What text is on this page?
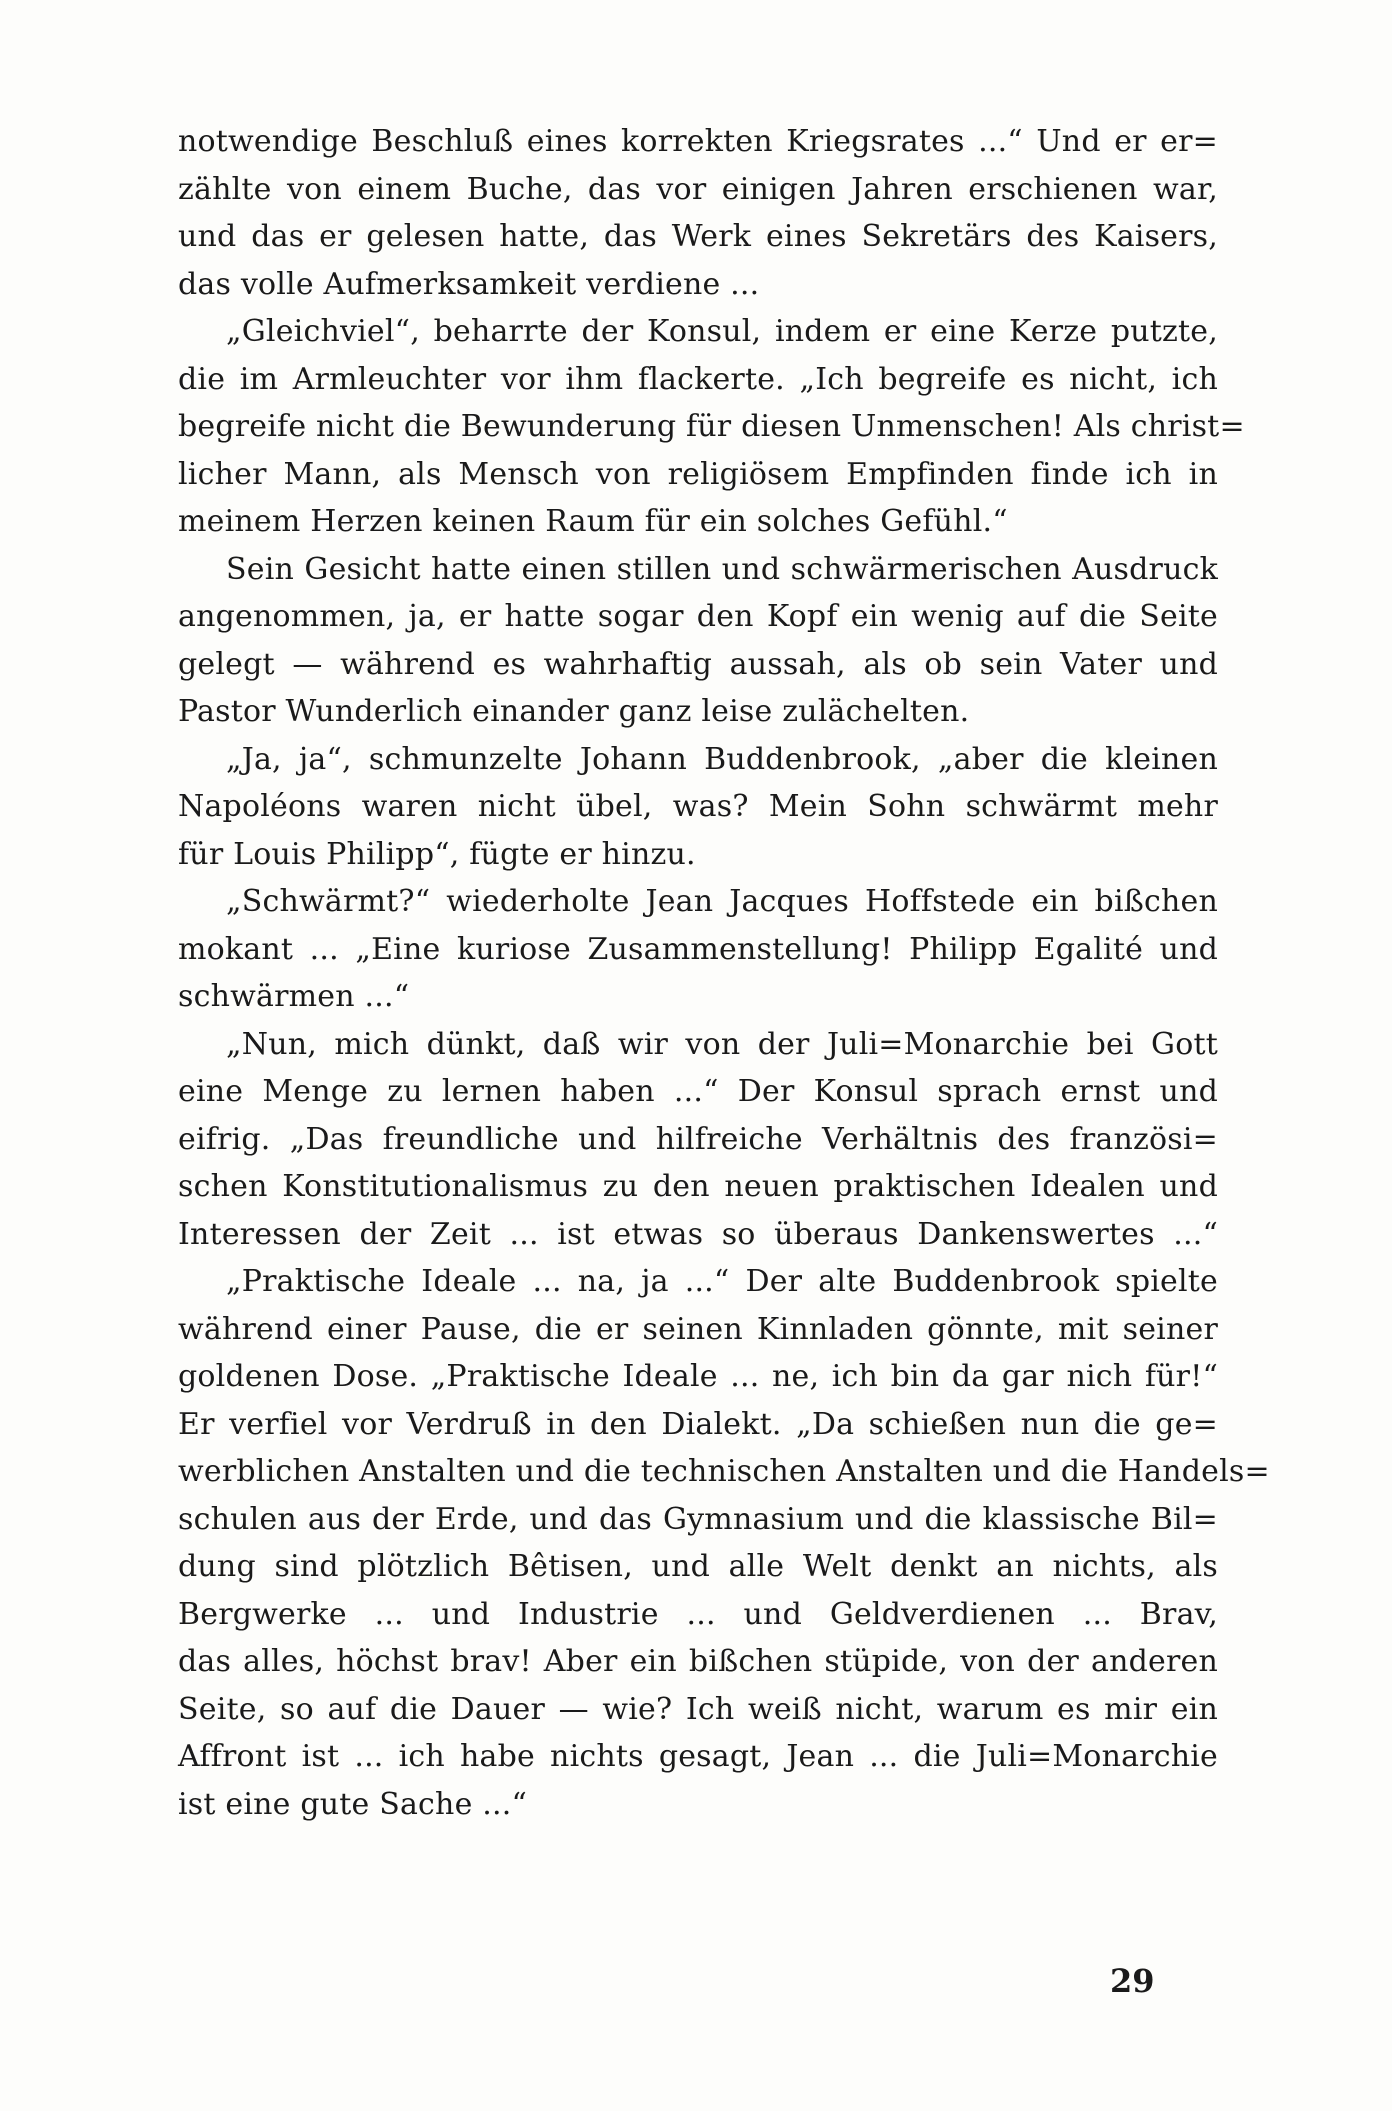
notwendige Beschluß eines korrekten Kriegsrates ...“ Und er er=
zählte von einem Buche, das vor einigen Jahren erschienen war,
und das er gelesen hatte, das Werk eines Sekretärs des Kaisers,
das volle Aufmerksamkeit verdiene ...
„Gleichviel“, beharrte der Konsul, indem er eine Kerze putzte,
die im Armleuchter vor ihm flackerte. „Ich begreife es nicht, ich
begreife nicht die Bewunderung für diesen Unmenschen! Als christ=
licher Mann, als Mensch von religiösem Empfinden finde ich in
meinem Herzen keinen Raum für ein solches Gefühl.“
Sein Gesicht hatte einen stillen und schwärmerischen Ausdruck
angenommen, ja, er hatte sogar den Kopf ein wenig auf die Seite
gelegt — während es wahrhaftig aussah, als ob sein Vater und
Pastor Wunderlich einander ganz leise zulächelten.
„Ja, ja“, schmunzelte Johann Buddenbrook, „aber die kleinen
Napoléons waren nicht übel, was? Mein Sohn schwärmt mehr
für Louis Philipp“, fügte er hinzu.
„Schwärmt?“ wiederholte Jean Jacques Hoffstede ein bißchen
mokant ... „Eine kuriose Zusammenstellung! Philipp Egalité und
schwärmen ...“
„Nun, mich dünkt, daß wir von der Juli=Monarchie bei Gott
eine Menge zu lernen haben ...“ Der Konsul sprach ernst und
eifrig. „Das freundliche und hilfreiche Verhältnis des französi=
schen Konstitutionalismus zu den neuen praktischen Idealen und
Interessen der Zeit ... ist etwas so überaus Dankenswertes ...“
„Praktische Ideale ... na, ja ...“ Der alte Buddenbrook spielte
während einer Pause, die er seinen Kinnladen gönnte, mit seiner
goldenen Dose. „Praktische Ideale ... ne, ich bin da gar nich für!“
Er verfiel vor Verdruß in den Dialekt. „Da schießen nun die ge=
werblichen Anstalten und die technischen Anstalten und die Handels=
schulen aus der Erde, und das Gymnasium und die klassische Bil=
dung sind plötzlich Bêtisen, und alle Welt denkt an nichts, als
Bergwerke ... und Industrie ... und Geldverdienen ... Brav,
das alles, höchst brav! Aber ein bißchen stüpide, von der anderen
Seite, so auf die Dauer — wie? Ich weiß nicht, warum es mir ein
Affront ist ... ich habe nichts gesagt, Jean ... die Juli=Monarchie
ist eine gute Sache ...“
29
